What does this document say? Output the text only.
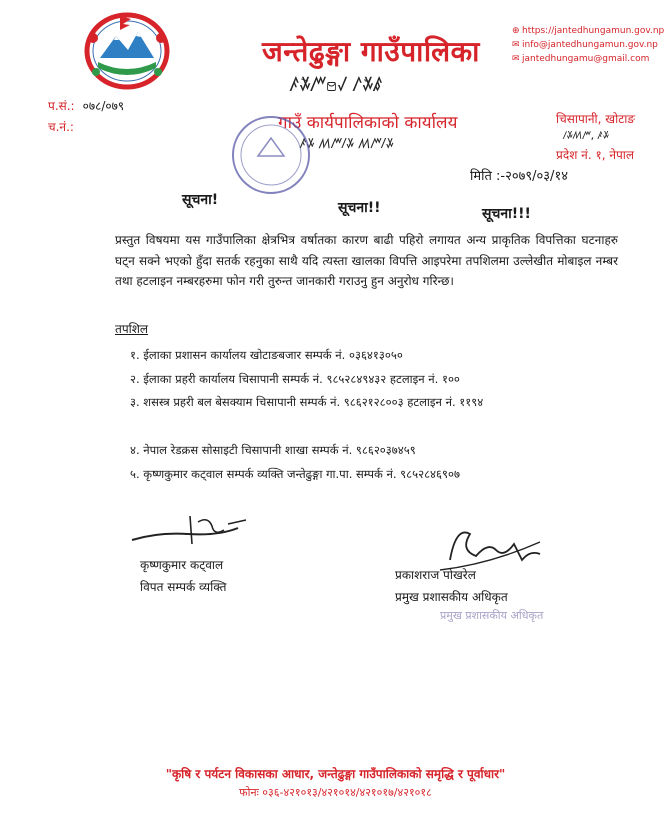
जन्तेढुङ्गा गाउँपालिका
ꤰꤸꤧꤻꤥꤶ ꤱꤸꤩꤹ
गाउँ कार्यपालिकाको कार्यालय
ꤰꤸ ꤵꤻꤷꤸ ꤵꤻꤷꤸ
⊕ https://jantedhungamun.gov.np
✉ info@jantedhungamun.gov.np
✉ jantedhungamu@gmail.com
प.सं.: ०७८/०७९
च.नं.:
चिसापानी, खोटाङ
ꤷꤸꤵꤻ, ꤰꤸ
प्रदेश नं. १, नेपाल
मिति :-२०७९/०३/१४
सूचना!	सूचना!!	सूचना!!!
प्रस्तुत विषयमा यस गाउँपालिका क्षेत्रभित्र वर्षातका कारण बाढी पहिरो लगायत अन्य प्राकृतिक विपत्तिका घटनाहरु घट्न सक्ने भएको हुँदा सतर्क रहनुका साथै यदि त्यस्ता खालका विपत्ति आइपरेमा तपशिलमा उल्लेखीत मोबाइल नम्बर तथा हटलाइन नम्बरहरुमा फोन गरी तुरुन्त जानकारी गराउनु हुन अनुरोध गरिन्छ।
तपशिल
१. ईलाका प्रशासन कार्यालय खोटाङबजार सम्पर्क नं. ०३६४१३०५०
२. ईलाका प्रहरी कार्यालय चिसापानी सम्पर्क नं. ९८५२८४९४३२ हटलाइन नं. १००
३. शसस्त्र प्रहरी बल बेसक्याम चिसापानी सम्पर्क नं. ९८६२१२८००३ हटलाइन नं. ११९४
४. नेपाल रेडक्रस सोसाइटी चिसापानी शाखा सम्पर्क नं. ९८६२०३७४५९
५. कृष्णकुमार कट्वाल सम्पर्क व्यक्ति जन्तेढुङ्गा गा.पा. सम्पर्क नं. ९८५२८४६९०७
कृष्णकुमार कट्वाल
विपत सम्पर्क व्यक्ति
प्रकाशराज पोखरेल
प्रमुख प्रशासकीय अधिकृत
प्रमुख प्रशासकीय अधिकृत
"कृषि र पर्यटन विकासका आधार, जन्तेढुङ्गा गाउँपालिकाको समृद्धि र पूर्वाधार"
फोनः ०३६-४२१०१३/४२१०१४/४२१०१७/४२१०१८
